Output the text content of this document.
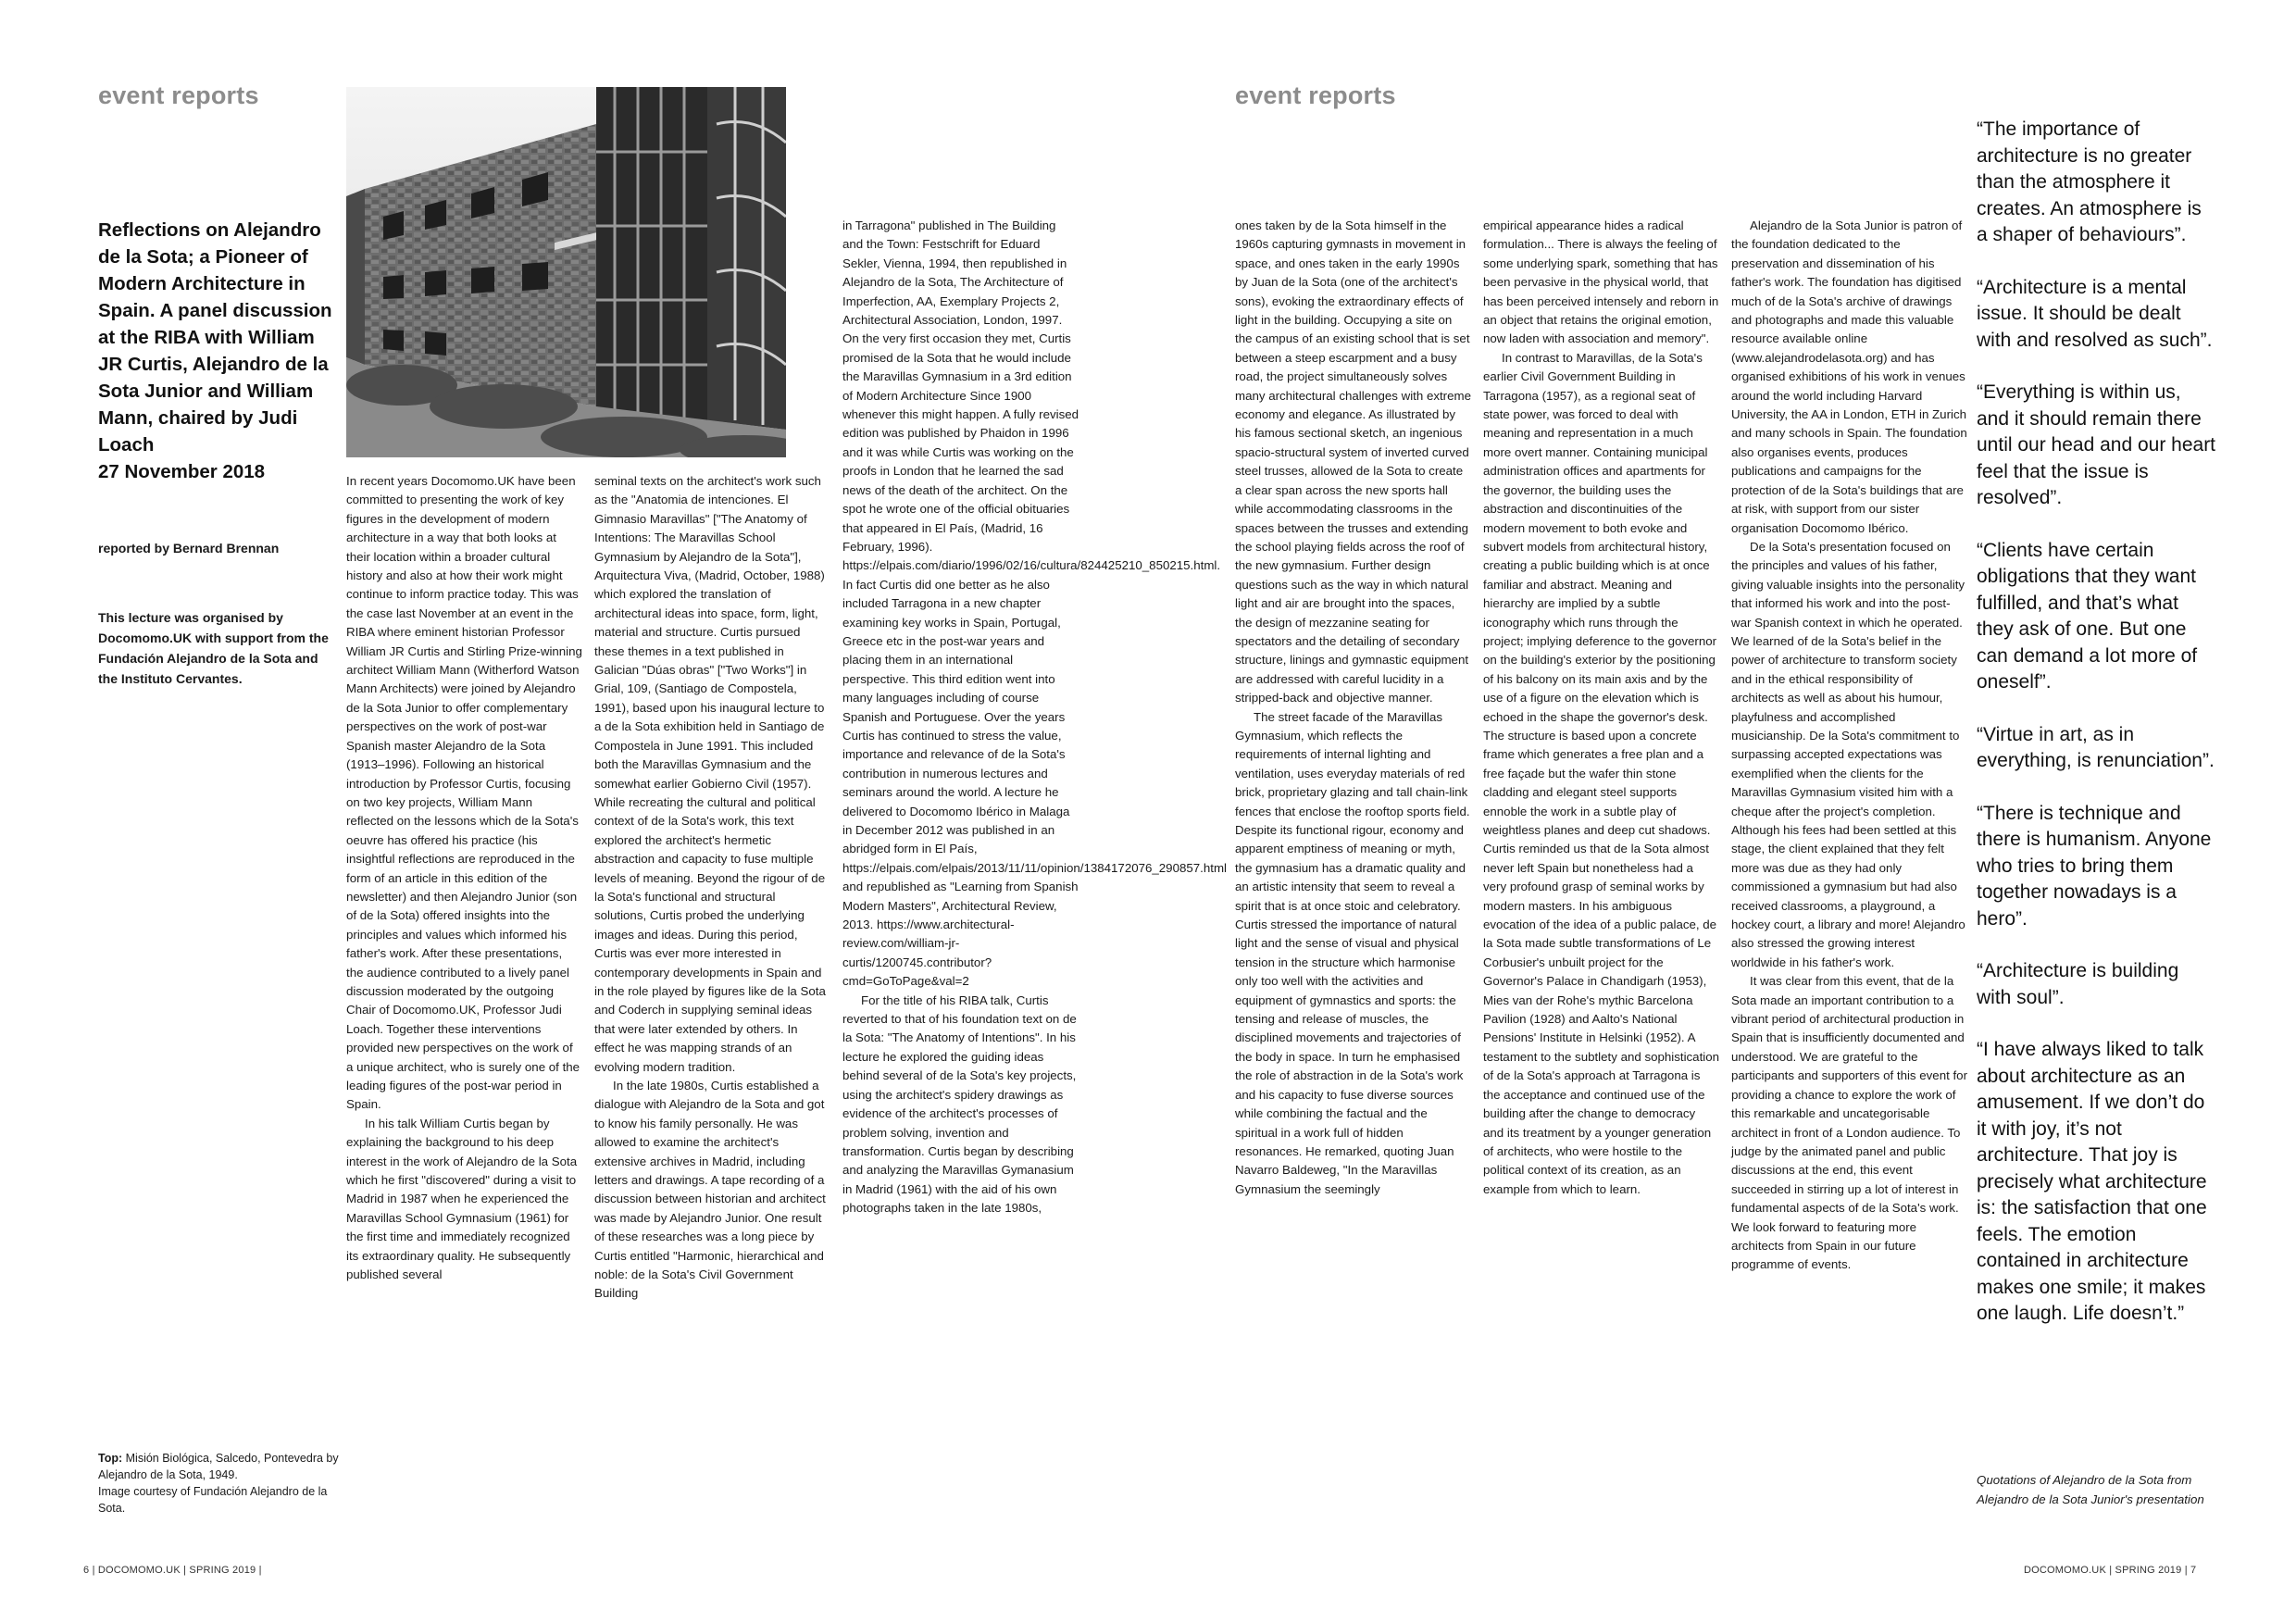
event reports

Reflections on Alejandro de la Sota; a Pioneer of Modern Architecture in Spain. A panel discussion at the RIBA with William JR Curtis, Alejandro de la Sota Junior and William Mann, chaired by Judi Loach

27 November 2018

reported by Bernard Brennan
This lecture was organised by Docomomo.UK with support from the Fundación Alejandro de la Sota and the Instituto Cervantes.

In recent years Docomomo.UK have been committed to presenting the work of key figures in the development of modern architecture in a way that both looks at their location within a broader cultural history and also at how their work might continue to inform practice today. This was the case last November at an event in the RIBA where eminent historian Professor William JR Curtis and Stirling Prize-winning architect William Mann (Witherford Watson Mann Architects) were joined by Alejandro de la Sota Junior to offer complementary perspectives on the work of post-war Spanish master Alejandro de la Sota (1913–1996). Following an historical introduction by Professor Curtis, focusing on two key projects, William Mann reflected on the lessons which de la Sota's oeuvre has offered his practice (his insightful reflections are reproduced in the form of an article in this edition of the newsletter) and then Alejandro Junior (son of de la Sota) offered insights into the principles and values which informed his father's work. After these presentations, the audience contributed to a lively panel discussion moderated by the outgoing Chair of Docomomo.UK, Professor Judi Loach. Together these interventions provided new perspectives on the work of a unique architect, who is surely one of the leading figures of the post-war period in Spain.

In his talk William Curtis began by explaining the background to his deep interest in the work of Alejandro de la Sota which he first "discovered" during a visit to Madrid in 1987 when he experienced the Maravillas School Gymnasium (1961) for the first time and immediately recognized its extraordinary quality. He subsequently published several

seminal texts on the architect's work such as the "Anatomia de intenciones. El Gimnasio Maravillas" ["The Anatomy of Intentions: The Maravillas School Gymnasium by Alejandro de la Sota"], Arquitectura Viva, (Madrid, October, 1988) which explored the translation of architectural ideas into space, form, light, material and structure. Curtis pursued these themes in a text published in Galician "Dúas obras" ["Two Works"] in Grial, 109, (Santiago de Compostela, 1991), based upon his inaugural lecture to a de la Sota exhibition held in Santiago de Compostela in June 1991. This included both the Maravillas Gymnasium and the somewhat earlier Gobierno Civil (1957). While recreating the cultural and political context of de la Sota's work, this text explored the architect's hermetic abstraction and capacity to fuse multiple levels of meaning. Beyond the rigour of de la Sota's functional and structural solutions, Curtis probed the underlying images and ideas. During this period, Curtis was ever more interested in contemporary developments in Spain and in the role played by figures like de la Sota and Coderch in supplying seminal ideas that were later extended by others. In effect he was mapping strands of an evolving modern tradition.

In the late 1980s, Curtis established a dialogue with Alejandro de la Sota and got to know his family personally. He was allowed to examine the architect's extensive archives in Madrid, including letters and drawings. A tape recording of a discussion between historian and architect was made by Alejandro Junior. One result of these researches was a long piece by Curtis entitled "Harmonic, hierarchical and noble: de la Sota's Civil Government Building

in Tarragona" published in The Building and the Town: Festschrift for Eduard Sekler, Vienna, 1994, then republished in Alejandro de la Sota, The Architecture of Imperfection, AA, Exemplary Projects 2, Architectural Association, London, 1997. On the very first occasion they met, Curtis promised de la Sota that he would include the Maravillas Gymnasium in a 3rd edition of Modern Architecture Since 1900 whenever this might happen. A fully revised edition was published by Phaidon in 1996 and it was while Curtis was working on the proofs in London that he learned the sad news of the death of the architect. On the spot he wrote one of the official obituaries that appeared in El País, (Madrid, 16 February, 1996). https://elpais.com/diario/1996/02/16/cultura/824425210_850215.html. In fact Curtis did one better as he also included Tarragona in a new chapter examining key works in Spain, Portugal, Greece etc in the post-war years and placing them in an international perspective. This third edition went into many languages including of course Spanish and Portuguese. Over the years Curtis has continued to stress the value, importance and relevance of de la Sota's contribution in numerous lectures and seminars around the world. A lecture he delivered to Docomomo Ibérico in Malaga in December 2012 was published in an abridged form in El País, https://elpais.com/elpais/2013/11/11/opinion/1384172076_290857.html and republished as "Learning from Spanish Modern Masters", Architectural Review, 2013. https://www.architectural-review.com/william-jr-curtis/1200745.contributor?cmd=GoToPage&val=2

For the title of his RIBA talk, Curtis reverted to that of his foundation text on de la Sota: "The Anatomy of Intentions". In his lecture he explored the guiding ideas behind several of de la Sota's key projects, using the architect's spidery drawings as evidence of the architect's processes of problem solving, invention and transformation. Curtis began by describing and analyzing the Maravillas Gymanasium in Madrid (1961) with the aid of his own photographs taken in the late 1980s,

Top: Misión Biológica, Salcedo, Pontevedra by Alejandro de la Sota, 1949.
Image courtesy of Fundación Alejandro de la Sota.
6 | DOCOMOMO.UK | SPRING 2019 |
event reports

ones taken by de la Sota himself in the 1960s capturing gymnasts in movement in space, and ones taken in the early 1990s by Juan de la Sota (one of the architect's sons), evoking the extraordinary effects of light in the building. Occupying a site on the campus of an existing school that is set between a steep escarpment and a busy road, the project simultaneously solves many architectural challenges with extreme economy and elegance. As illustrated by his famous sectional sketch, an ingenious spacio-structural system of inverted curved steel trusses, allowed de la Sota to create a clear span across the new sports hall while accommodating classrooms in the spaces between the trusses and extending the school playing fields across the roof of the new gymnasium. Further design questions such as the way in which natural light and air are brought into the spaces, the design of mezzanine seating for spectators and the detailing of secondary structure, linings and gymnastic equipment are addressed with careful lucidity in a stripped-back and objective manner.

The street facade of the Maravillas Gymnasium, which reflects the requirements of internal lighting and ventilation, uses everyday materials of red brick, proprietary glazing and tall chain-link fences that enclose the rooftop sports field. Despite its functional rigour, economy and apparent emptiness of meaning or myth, the gymnasium has a dramatic quality and an artistic intensity that seem to reveal a spirit that is at once stoic and celebratory. Curtis stressed the importance of natural light and the sense of visual and physical tension in the structure which harmonise only too well with the activities and equipment of gymnastics and sports: the tensing and release of muscles, the disciplined movements and trajectories of the body in space. In turn he emphasised the role of abstraction in de la Sota's work and his capacity to fuse diverse sources while combining the factual and the spiritual in a work full of hidden resonances. He remarked, quoting Juan Navarro Baldeweg, "In the Maravillas Gymnasium the seemingly

empirical appearance hides a radical formulation... There is always the feeling of some underlying spark, something that has been pervasive in the physical world, that has been perceived intensely and reborn in an object that retains the original emotion, now laden with association and memory".

In contrast to Maravillas, de la Sota's earlier Civil Government Building in Tarragona (1957), as a regional seat of state power, was forced to deal with meaning and representation in a much more overt manner. Containing municipal administration offices and apartments for the governor, the building uses the abstraction and discontinuities of the modern movement to both evoke and subvert models from architectural history, creating a public building which is at once familiar and abstract. Meaning and hierarchy are implied by a subtle iconography which runs through the project; implying deference to the governor on the building's exterior by the positioning of his balcony on its main axis and by the use of a figure on the elevation which is echoed in the shape the governor's desk. The structure is based upon a concrete frame which generates a free plan and a free façade but the wafer thin stone cladding and elegant steel supports ennoble the work in a subtle play of weightless planes and deep cut shadows. Curtis reminded us that de la Sota almost never left Spain but nonetheless had a very profound grasp of seminal works by modern masters. In his ambiguous evocation of the idea of a public palace, de la Sota made subtle transformations of Le Corbusier's unbuilt project for the Governor's Palace in Chandigarh (1953), Mies van der Rohe's mythic Barcelona Pavilion (1928) and Aalto's National Pensions' Institute in Helsinki (1952). A testament to the subtlety and sophistication of de la Sota's approach at Tarragona is the acceptance and continued use of the building after the change to democracy and its treatment by a younger generation of architects, who were hostile to the political context of its creation, as an example from which to learn.

Alejandro de la Sota Junior is patron of the foundation dedicated to the preservation and dissemination of his father's work. The foundation has digitised much of de la Sota's archive of drawings and photographs and made this valuable resource available online (www.alejandrodelasota.org) and has organised exhibitions of his work in venues around the world including Harvard University, the AA in London, ETH in Zurich and many schools in Spain. The foundation also organises events, produces publications and campaigns for the protection of de la Sota's buildings that are at risk, with support from our sister organisation Docomomo Ibérico.

De la Sota's presentation focused on the principles and values of his father, giving valuable insights into the personality that informed his work and into the post-war Spanish context in which he operated. We learned of de la Sota's belief in the power of architecture to transform society and in the ethical responsibility of architects as well as about his humour, playfulness and accomplished musicianship. De la Sota's commitment to surpassing accepted expectations was exemplified when the clients for the Maravillas Gymnasium visited him with a cheque after the project's completion. Although his fees had been settled at this stage, the client explained that they felt more was due as they had only commissioned a gymnasium but had also received classrooms, a playground, a hockey court, a library and more! Alejandro also stressed the growing interest worldwide in his father's work.

It was clear from this event, that de la Sota made an important contribution to a vibrant period of architectural production in Spain that is insufficiently documented and understood. We are grateful to the participants and supporters of this event for providing a chance to explore the work of this remarkable and uncategorisable architect in front of a London audience. To judge by the animated panel and public discussions at the end, this event succeeded in stirring up a lot of interest in fundamental aspects of de la Sota's work. We look forward to featuring more architects from Spain in our future programme of events.

“The importance of architecture is no greater than the atmosphere it creates. An atmosphere is a shaper of behaviours”.

“Architecture is a mental issue. It should be dealt with and resolved as such”.

“Everything is within us, and it should remain there until our head and our heart feel that the issue is resolved”.

“Clients have certain obligations that they want fulfilled, and that’s what they ask of one. But one can demand a lot more of oneself”.

“Virtue in art, as in everything, is renunciation”.

“There is technique and there is humanism. Anyone who tries to bring them together nowadays is a hero”.

“Architecture is building with soul”.

“I have always liked to talk about architecture as an amusement. If we don’t do it with joy, it’s not architecture. That joy is precisely what architecture is: the satisfaction that one feels. The emotion contained in architecture makes one smile; it makes one laugh. Life doesn’t.”

Quotations of Alejandro de la Sota from Alejandro de la Sota Junior's presentation
DOCOMOMO.UK | SPRING 2019 | 7
